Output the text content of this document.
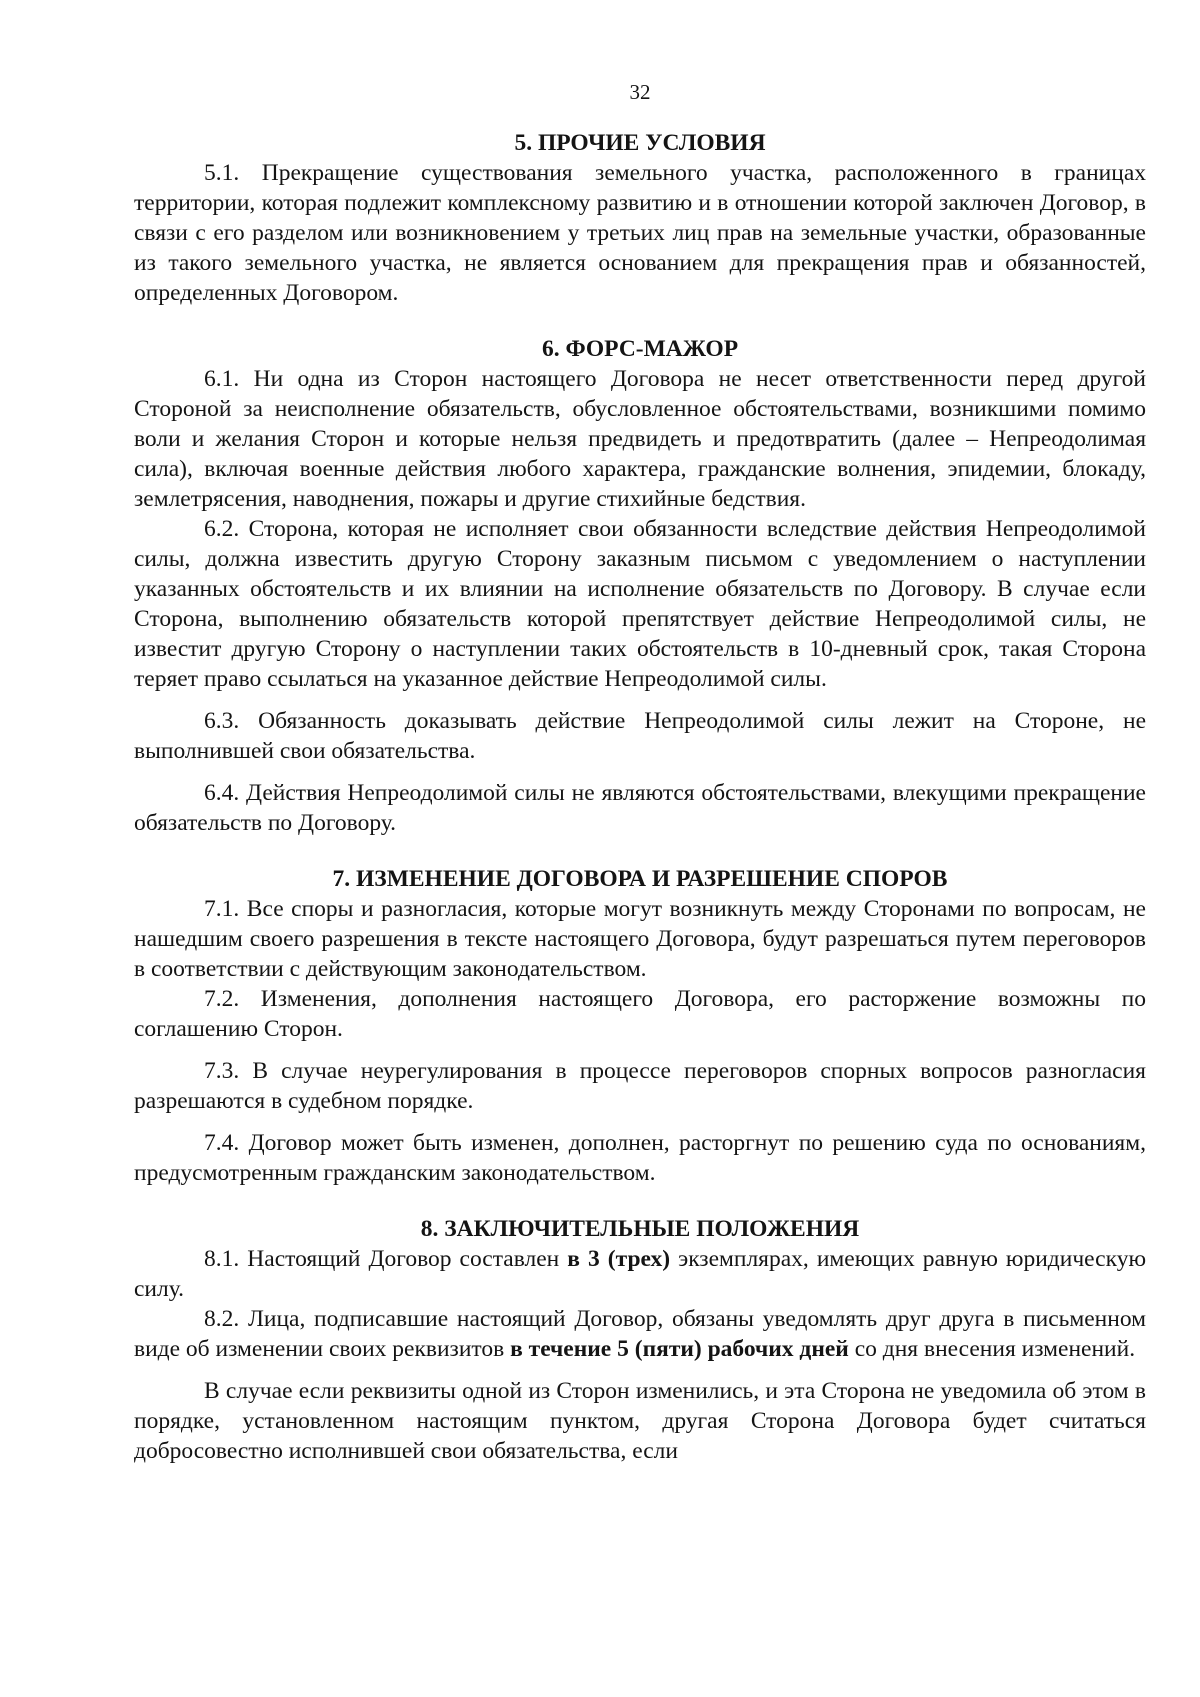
32
5. ПРОЧИЕ УСЛОВИЯ

5.1. Прекращение существования земельного участка, расположенного в границах территории, которая подлежит комплексному развитию и в отношении которой заключен Договор, в связи с его разделом или возникновением у третьих лиц прав на земельные участки, образованные из такого земельного участка, не является основанием для прекращения прав и обязанностей, определенных Договором.

6. ФОРС-МАЖОР

6.1. Ни одна из Сторон настоящего Договора не несет ответственности перед другой Стороной за неисполнение обязательств, обусловленное обстоятельствами, возникшими помимо воли и желания Сторон и которые нельзя предвидеть и предотвратить (далее – Непреодолимая сила), включая военные действия любого характера, гражданские волнения, эпидемии, блокаду, землетрясения, наводнения, пожары и другие стихийные бедствия.

6.2. Сторона, которая не исполняет свои обязанности вследствие действия Непреодолимой силы, должна известить другую Сторону заказным письмом с уведомлением о наступлении указанных обстоятельств и их влиянии на исполнение обязательств по Договору. В случае если Сторона, выполнению обязательств которой препятствует действие Непреодолимой силы, не известит другую Сторону о наступлении таких обстоятельств в 10-дневный срок, такая Сторона теряет право ссылаться на указанное действие Непреодолимой силы.

6.3. Обязанность доказывать действие Непреодолимой силы лежит на Стороне, не выполнившей свои обязательства.

6.4. Действия Непреодолимой силы не являются обстоятельствами, влекущими прекращение обязательств по Договору.

7. ИЗМЕНЕНИЕ ДОГОВОРА И РАЗРЕШЕНИЕ СПОРОВ

7.1. Все споры и разногласия, которые могут возникнуть между Сторонами по вопросам, не нашедшим своего разрешения в тексте настоящего Договора, будут разрешаться путем переговоров в соответствии с действующим законодательством.

7.2. Изменения, дополнения настоящего Договора, его расторжение возможны по соглашению Сторон.

7.3. В случае неурегулирования в процессе переговоров спорных вопросов разногласия разрешаются в судебном порядке.

7.4. Договор может быть изменен, дополнен, расторгнут по решению суда по основаниям, предусмотренным гражданским законодательством.

8. ЗАКЛЮЧИТЕЛЬНЫЕ ПОЛОЖЕНИЯ

8.1. Настоящий Договор составлен в 3 (трех) экземплярах, имеющих равную юридическую силу.

8.2. Лица, подписавшие настоящий Договор, обязаны уведомлять друг друга в письменном виде об изменении своих реквизитов в течение 5 (пяти) рабочих дней со дня внесения изменений.

В случае если реквизиты одной из Сторон изменились, и эта Сторона не уведомила об этом в порядке, установленном настоящим пунктом, другая Сторона Договора будет считаться добросовестно исполнившей свои обязательства, если
